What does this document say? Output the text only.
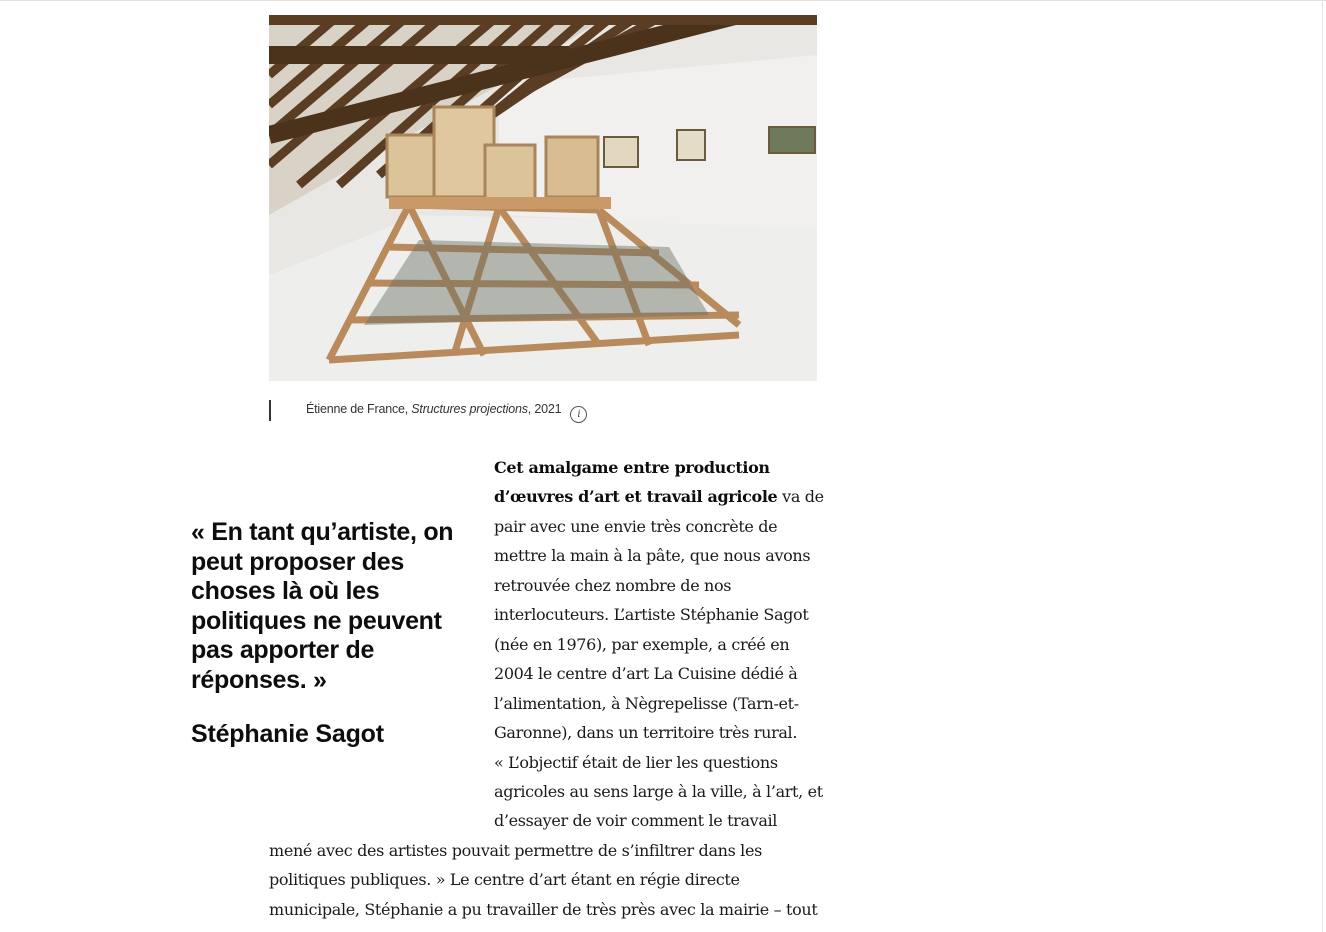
Étienne de France, Structures projections, 2021 i

« En tant qu’artiste, on peut proposer des choses là où les politiques ne peuvent pas apporter de réponses. »

Stéphanie Sagot
Cet amalgame entre production
d’œuvres d’art et travail agricole va de
pair avec une envie très concrète de
mettre la main à la pâte, que nous avons
retrouvée chez nombre de nos
interlocuteurs. L’artiste Stéphanie Sagot
(née en 1976), par exemple, a créé en
2004 le centre d’art La Cuisine dédié à
l’alimentation, à Nègrepelisse (Tarn-et-
Garonne), dans un territoire très rural.
« L’objectif était de lier les questions
agricoles au sens large à la ville, à l’art, et
d’essayer de voir comment le travail
mené avec des artistes pouvait permettre de s’infiltrer dans les
politiques publiques. » Le centre d’art étant en régie directe
municipale, Stéphanie a pu travailler de très près avec la mairie – tout
